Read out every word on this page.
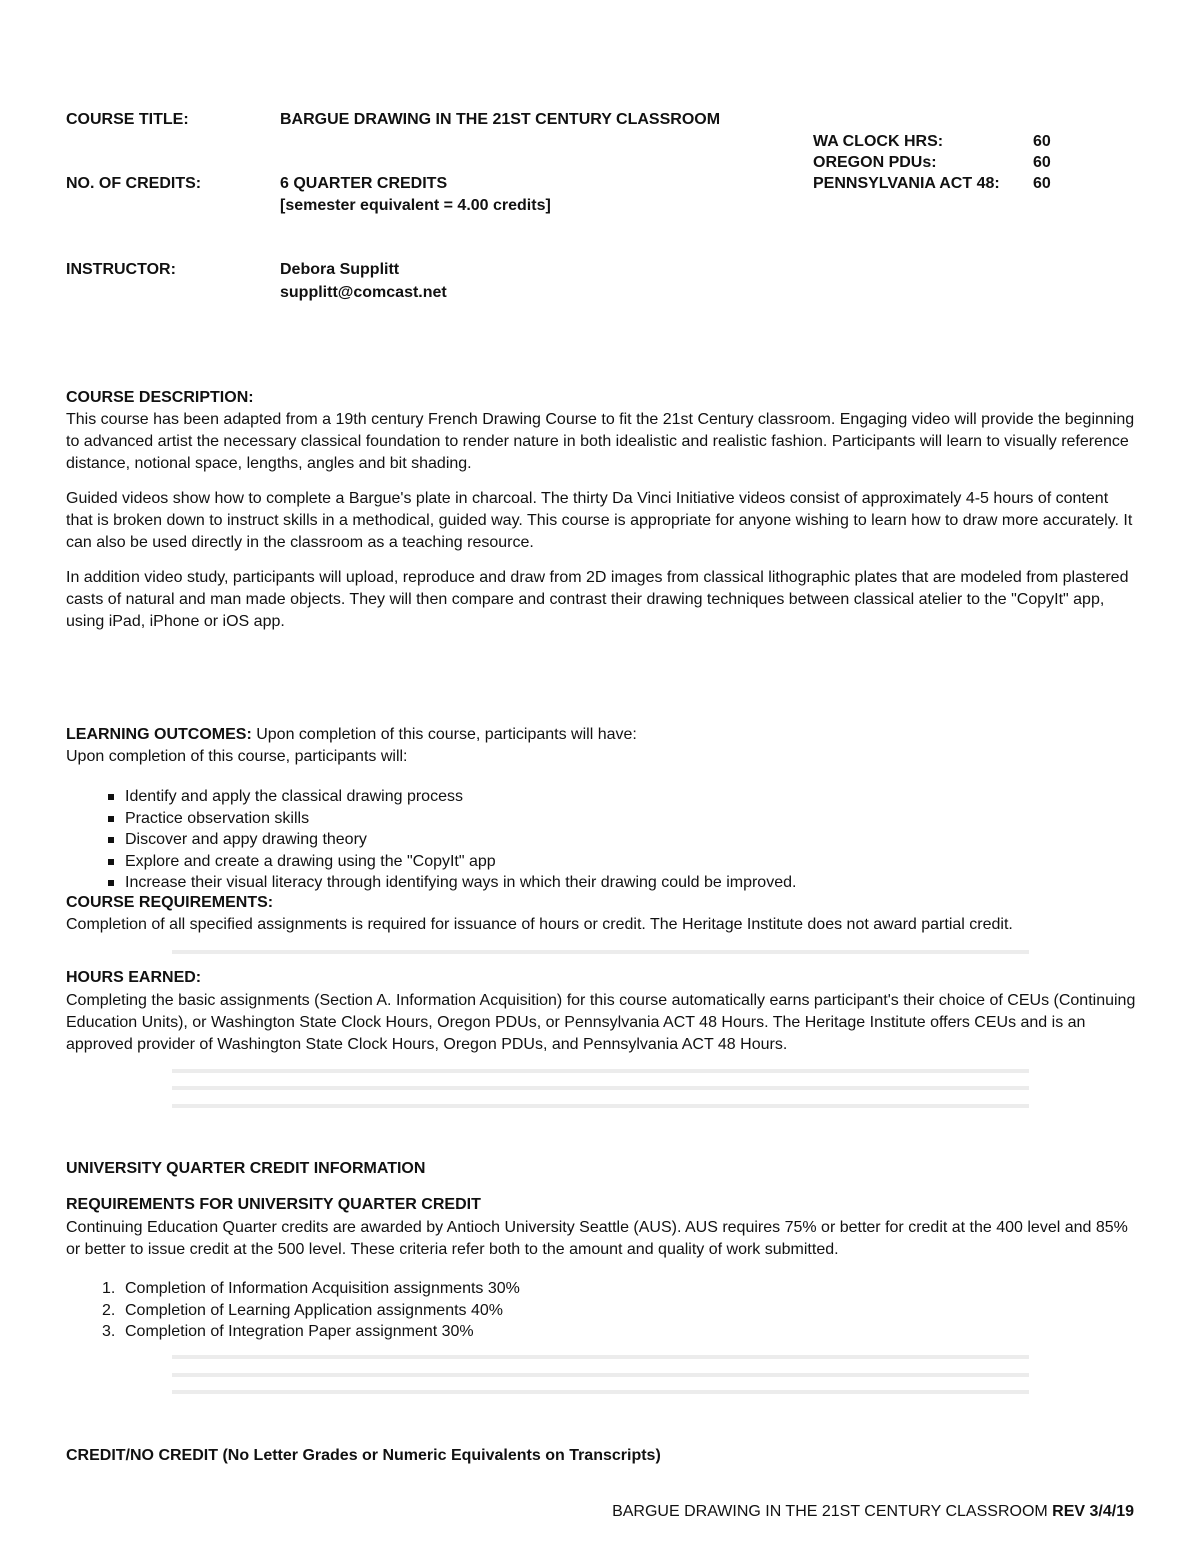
COURSE TITLE:	BARGUE DRAWING IN THE 21ST CENTURY CLASSROOM
WA CLOCK HRS:	60
OREGON PDUs:	60
PENNSYLVANIA ACT 48: 60
NO. OF CREDITS:	6 QUARTER CREDITS
[semester equivalent = 4.00 credits]
INSTRUCTOR:	Debora Supplitt
supplitt@comcast.net
COURSE DESCRIPTION:

This course has been adapted from a 19th century French Drawing Course to fit the 21st Century classroom. Engaging video will provide the beginning to advanced artist the necessary classical foundation to render nature in both idealistic and realistic fashion. Participants will learn to visually reference distance, notional space, lengths, angles and bit shading.

Guided videos show how to complete a Bargue's plate in charcoal. The thirty Da Vinci Initiative videos consist of approximately 4-5 hours of content that is broken down to instruct skills in a methodical, guided way. This course is appropriate for anyone wishing to learn how to draw more accurately. It can also be used directly in the classroom as a teaching resource.

In addition video study, participants will upload, reproduce and draw from 2D images from classical lithographic plates that are modeled from plastered casts of natural and man made objects. They will then compare and contrast their drawing techniques between classical atelier to the "CopyIt" app, using iPad, iPhone or iOS app.

LEARNING OUTCOMES: Upon completion of this course, participants will have:
Upon completion of this course, participants will:
Identify and apply the classical drawing process
Practice observation skills
Discover and appy drawing theory
Explore and create a drawing using the "CopyIt" app
Increase their visual literacy through identifying ways in which their drawing could be improved.
COURSE REQUIREMENTS:
Completion of all specified assignments is required for issuance of hours or credit. The Heritage Institute does not award partial credit.
HOURS EARNED:

Completing the basic assignments (Section A. Information Acquisition) for this course automatically earns participant's their choice of CEUs (Continuing Education Units), or Washington State Clock Hours, Oregon PDUs, or Pennsylvania ACT 48 Hours. The Heritage Institute offers CEUs and is an approved provider of Washington State Clock Hours, Oregon PDUs, and Pennsylvania ACT 48 Hours.

UNIVERSITY QUARTER CREDIT INFORMATION
REQUIREMENTS FOR UNIVERSITY QUARTER CREDIT

Continuing Education Quarter credits are awarded by Antioch University Seattle (AUS). AUS requires 75% or better for credit at the 400 level and 85% or better to issue credit at the 500 level. These criteria refer both to the amount and quality of work submitted.

1. Completion of Information Acquisition assignments 30%
2. Completion of Learning Application assignments 40%
3. Completion of Integration Paper assignment 30%
CREDIT/NO CREDIT (No Letter Grades or Numeric Equivalents on Transcripts)
BARGUE DRAWING IN THE 21ST CENTURY CLASSROOM REV 3/4/19
